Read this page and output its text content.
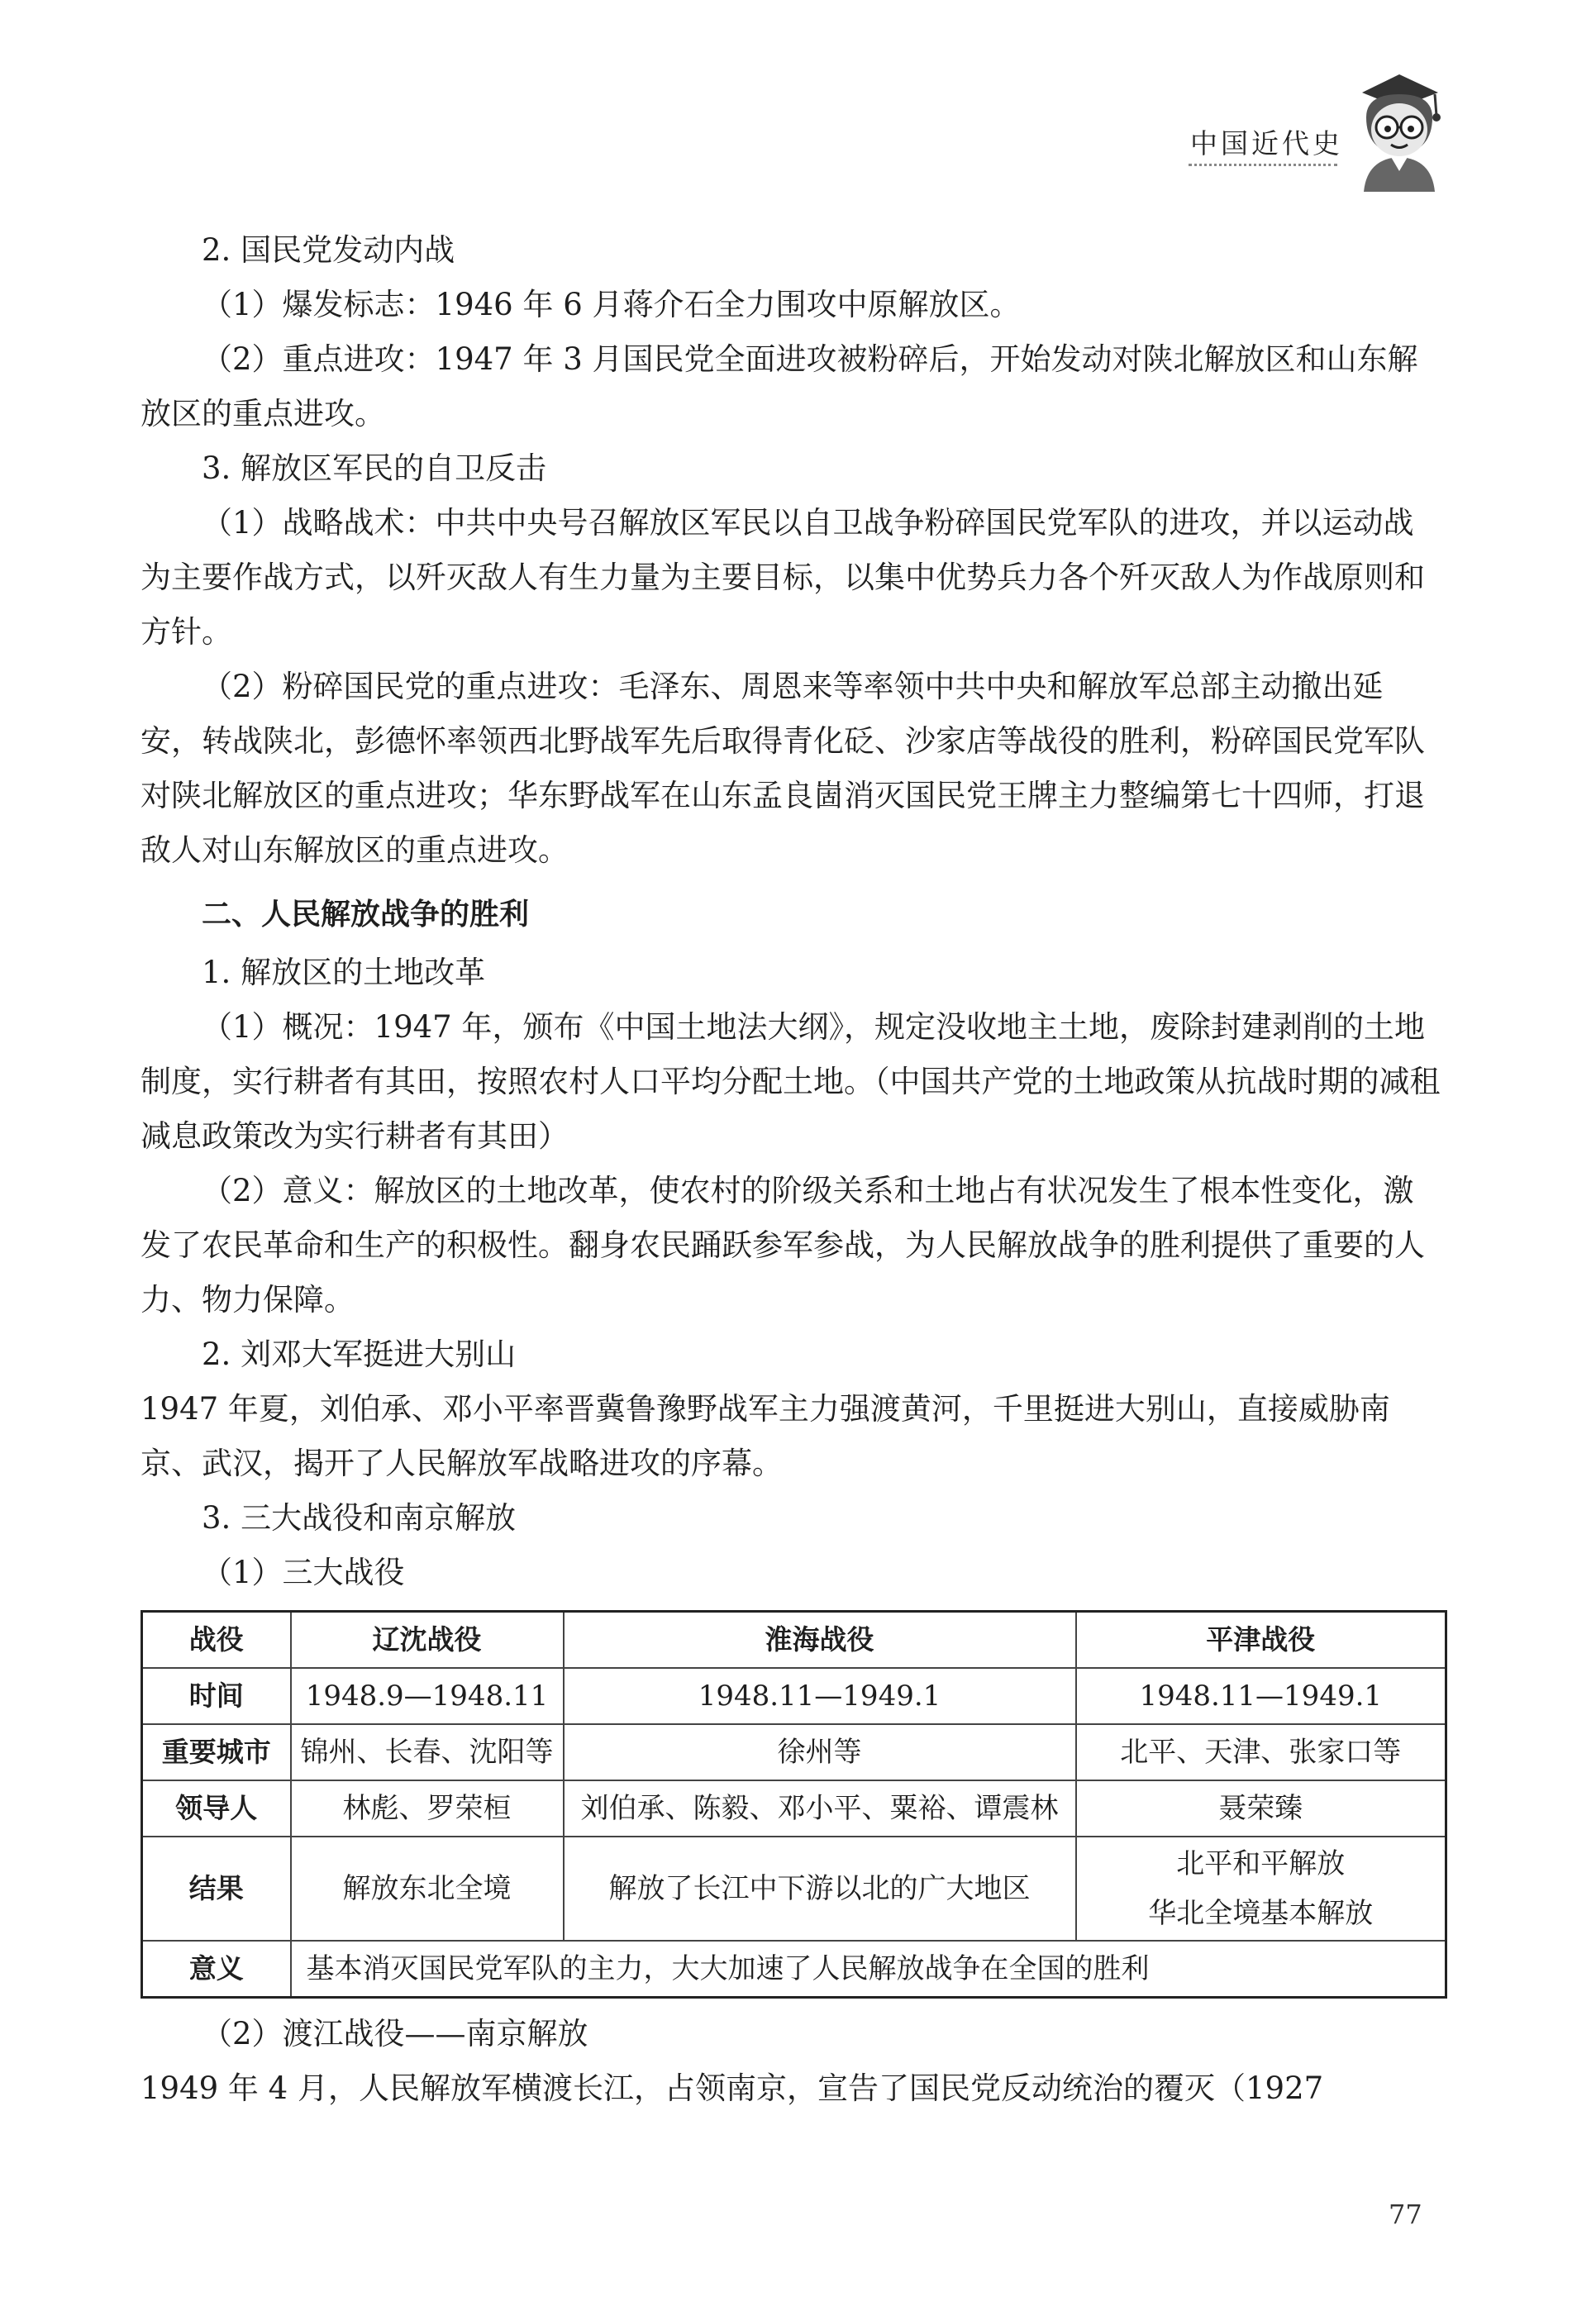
中国近代史

2. 国民党发动内战

（1）爆发标志：1946 年 6 月蒋介石全力围攻中原解放区。

（2）重点进攻：1947 年 3 月国民党全面进攻被粉碎后，开始发动对陕北解放区和山东解放区的重点进攻。

3. 解放区军民的自卫反击

（1）战略战术：中共中央号召解放区军民以自卫战争粉碎国民党军队的进攻，并以运动战为主要作战方式，以歼灭敌人有生力量为主要目标，以集中优势兵力各个歼灭敌人为作战原则和方针。

（2）粉碎国民党的重点进攻：毛泽东、周恩来等率领中共中央和解放军总部主动撤出延安，转战陕北，彭德怀率领西北野战军先后取得青化砭、沙家店等战役的胜利，粉碎国民党军队对陕北解放区的重点进攻；华东野战军在山东孟良崮消灭国民党王牌主力整编第七十四师，打退敌人对山东解放区的重点进攻。

二、人民解放战争的胜利

1. 解放区的土地改革

（1）概况：1947 年，颁布《中国土地法大纲》，规定没收地主土地，废除封建剥削的土地制度，实行耕者有其田，按照农村人口平均分配土地。（中国共产党的土地政策从抗战时期的减租减息政策改为实行耕者有其田）

（2）意义：解放区的土地改革，使农村的阶级关系和土地占有状况发生了根本性变化，激发了农民革命和生产的积极性。翻身农民踊跃参军参战，为人民解放战争的胜利提供了重要的人力、物力保障。

2. 刘邓大军挺进大别山

1947 年夏，刘伯承、邓小平率晋冀鲁豫野战军主力强渡黄河，千里挺进大别山，直接威胁南京、武汉，揭开了人民解放军战略进攻的序幕。

3. 三大战役和南京解放

（1）三大战役

战役	辽沈战役	淮海战役	平津战役
时间	1948.9—1948.11	1948.11—1949.1	1948.11—1949.1
重要城市	锦州、长春、沈阳等	徐州等	北平、天津、张家口等
领导人	林彪、罗荣桓	刘伯承、陈毅、邓小平、粟裕、谭震林	聂荣臻
结果	解放东北全境	解放了长江中下游以北的广大地区	北平和平解放
华北全境基本解放

意义	基本消灭国民党军队的主力，大大加速了人民解放战争在全国的胜利		

（2）渡江战役——南京解放

1949 年 4 月，人民解放军横渡长江，占领南京，宣告了国民党反动统治的覆灭（1927

77
